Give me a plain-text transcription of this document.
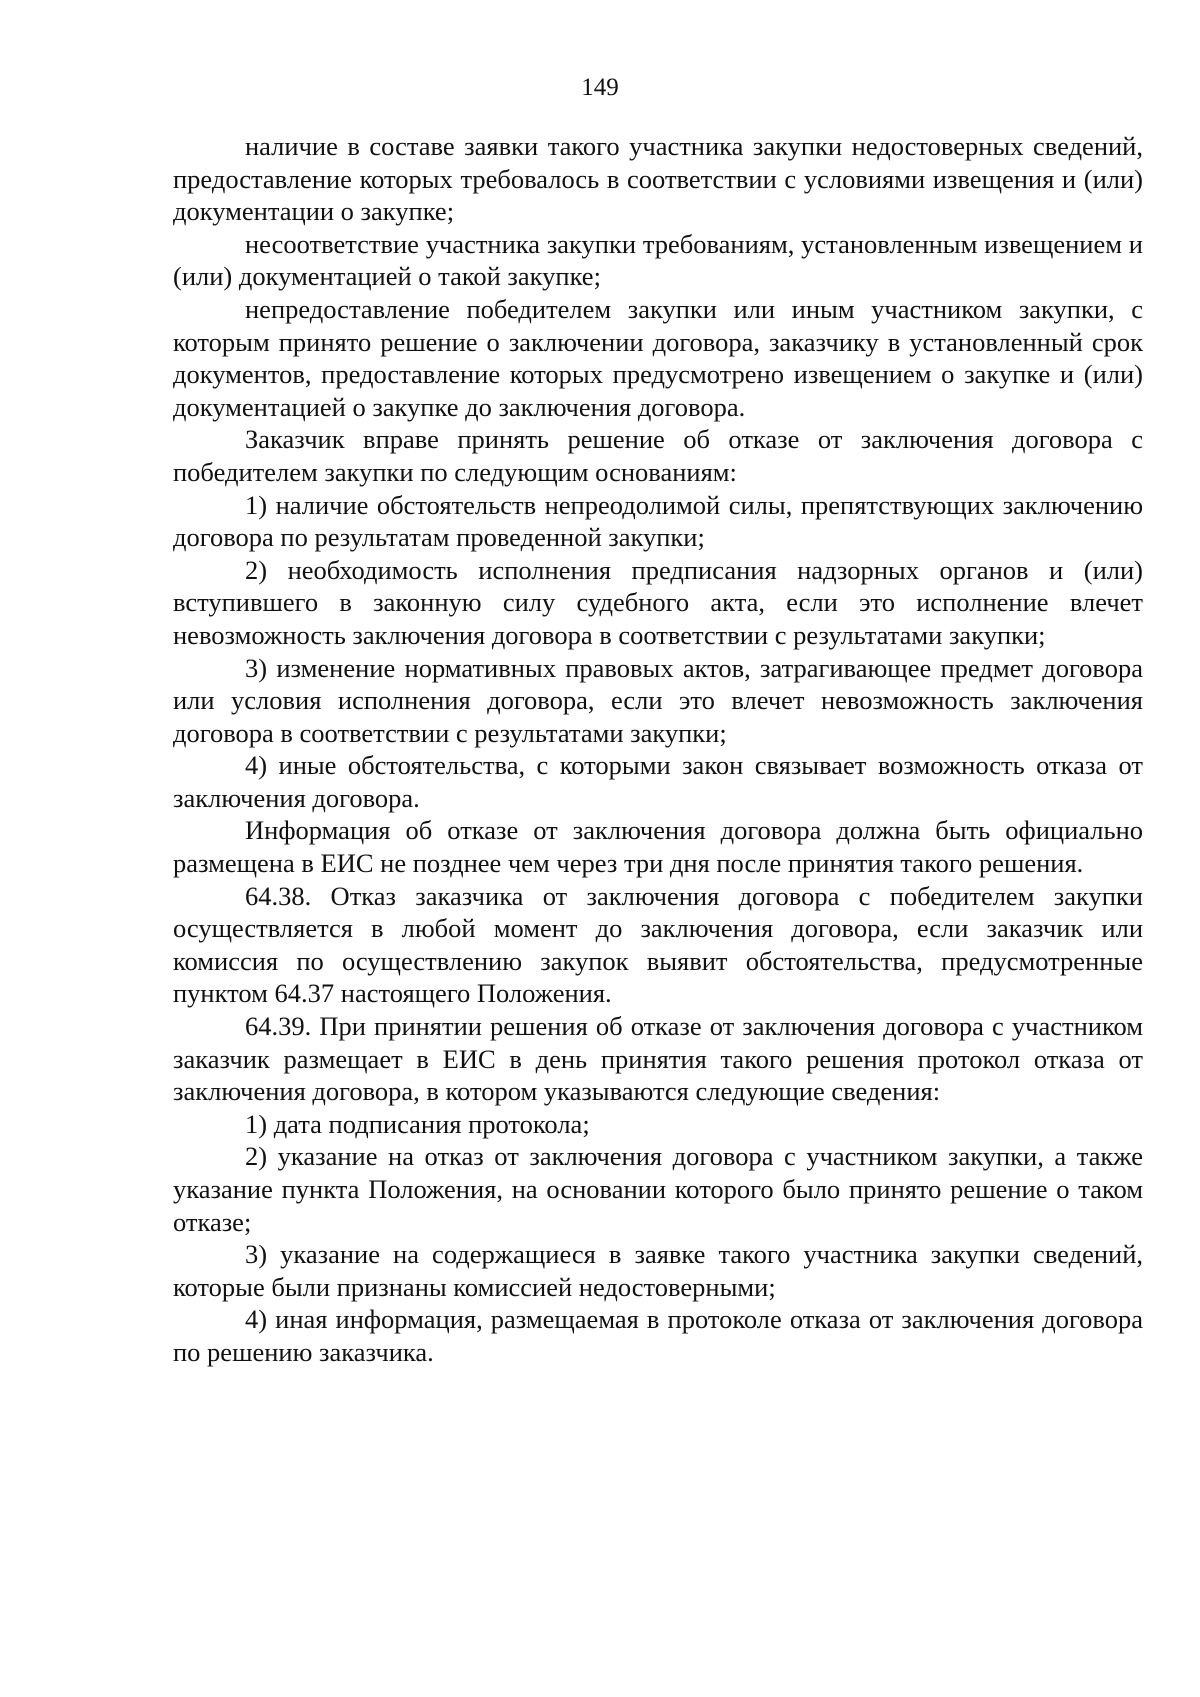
149

наличие в составе заявки такого участника закупки недостоверных сведений, предоставление которых требовалось в соответствии с условиями извещения и (или) документации о закупке;

несоответствие участника закупки требованиям, установленным извещением и (или) документацией о такой закупке;

непредоставление победителем закупки или иным участником закупки, с которым принято решение о заключении договора, заказчику в установленный срок документов, предоставление которых предусмотрено извещением о закупке и (или) документацией о закупке до заключения договора.

Заказчик вправе принять решение об отказе от заключения договора с победителем закупки по следующим основаниям:

1) наличие обстоятельств непреодолимой силы, препятствующих заключению договора по результатам проведенной закупки;

2) необходимость исполнения предписания надзорных органов и (или) вступившего в законную силу судебного акта, если это исполнение влечет невозможность заключения договора в соответствии с результатами закупки;

3) изменение нормативных правовых актов, затрагивающее предмет договора или условия исполнения договора, если это влечет невозможность заключения договора в соответствии с результатами закупки;

4) иные обстоятельства, с которыми закон связывает возможность отказа от заключения договора.

Информация об отказе от заключения договора должна быть официально размещена в ЕИС не позднее чем через три дня после принятия такого решения.

64.38. Отказ заказчика от заключения договора с победителем закупки осуществляется в любой момент до заключения договора, если заказчик или комиссия по осуществлению закупок выявит обстоятельства, предусмотренные пунктом 64.37 настоящего Положения.

64.39. При принятии решения об отказе от заключения договора с участником заказчик размещает в ЕИС в день принятия такого решения протокол отказа от заключения договора, в котором указываются следующие сведения:

1) дата подписания протокола;

2) указание на отказ от заключения договора с участником закупки, а также указание пункта Положения, на основании которого было принято решение о таком отказе;

3) указание на содержащиеся в заявке такого участника закупки сведений, которые были признаны комиссией недостоверными;

4) иная информация, размещаемая в протоколе отказа от заключения договора по решению заказчика.
